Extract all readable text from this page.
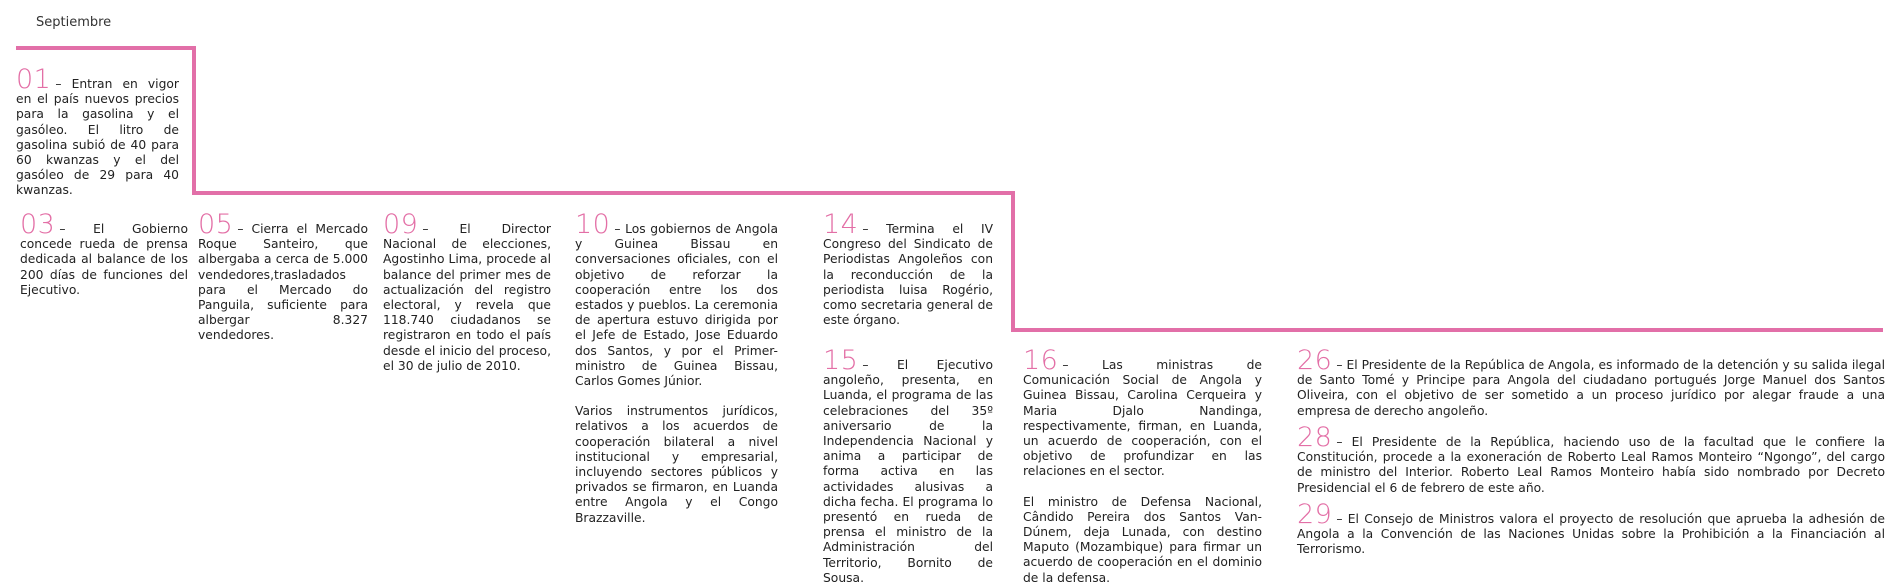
Septiembre

01 – Entran en vigor en el país nuevos precios para la gasolina y el gasóleo. El litro de gasolina subió de 40 para 60 kwanzas y el del gasóleo de 29 para 40 kwanzas.

03 – El Gobierno concede rueda de prensa dedicada al balance de los 200 días de funciones del Ejecutivo.

05 – Cierra el Mercado Roque Santeiro, que albergaba a cerca de 5.000 vendedores,trasladados para el Mercado do Panguila, suficiente para albergar 8.327 vendedores.

09 – El Director Nacional de elecciones, Agostinho Lima, procede al balance del primer mes de actualización del registro electoral, y revela que 118.740 ciudadanos se registraron en todo el país desde el inicio del proceso, el 30 de julio de 2010.

10 – Los gobiernos de Angola y Guinea Bissau en conversaciones oficiales, con el objetivo de reforzar la cooperación entre los dos estados y pueblos. La ceremonia de apertura estuvo dirigida por el Jefe de Estado, Jose Eduardo dos Santos, y por el Primer-ministro de Guinea Bissau, Carlos Gomes Júnior.

Varios instrumentos jurídicos, relativos a los acuerdos de cooperación bilateral a nivel institucional y empresarial, incluyendo sectores públicos y privados se firmaron, en Luanda entre Angola y el Congo Brazzaville.

14 – Termina el IV Congreso del Sindicato de Periodistas Angoleños con la reconducción de la periodista luisa Rogério, como secretaria general de este órgano.

15 – El Ejecutivo angoleño, presenta, en Luanda, el programa de las celebraciones del 35º aniversario de la Independencia Nacional y anima a participar de forma activa en las actividades alusivas a dicha fecha. El programa lo presentó en rueda de prensa el ministro de la Administración del Territorio, Bornito de Sousa.

16 – Las ministras de Comunicación Social de Angola y Guinea Bissau, Carolina Cerqueira y Maria Djalo Nandinga, respectivamente, firman, en Luanda, un acuerdo de cooperación, con el objetivo de profundizar en las relaciones en el sector.

El ministro de Defensa Nacional, Cândido Pereira dos Santos Van-Dúnem, deja Lunada, con destino Maputo (Mozambique) para firmar un acuerdo de cooperación en el dominio de la defensa.

26 – El Presidente de la República de Angola, es informado de la detención y su salida ilegal de Santo Tomé y Principe para Angola del ciudadano portugués Jorge Manuel dos Santos Oliveira, con el objetivo de ser sometido a un proceso jurídico por alegar fraude a una empresa de derecho angoleño.

28 – El Presidente de la República, haciendo uso de la facultad que le confiere la Constitución, procede a la exoneración de Roberto Leal Ramos Monteiro “Ngongo”, del cargo de ministro del Interior. Roberto Leal Ramos Monteiro había sido nombrado por Decreto Presidencial el 6 de febrero de este año.

29 – El Consejo de Ministros valora el proyecto de resolución que aprueba la adhesión de Angola a la Convención de las Naciones Unidas sobre la Prohibición a la Financiación al Terrorismo.
